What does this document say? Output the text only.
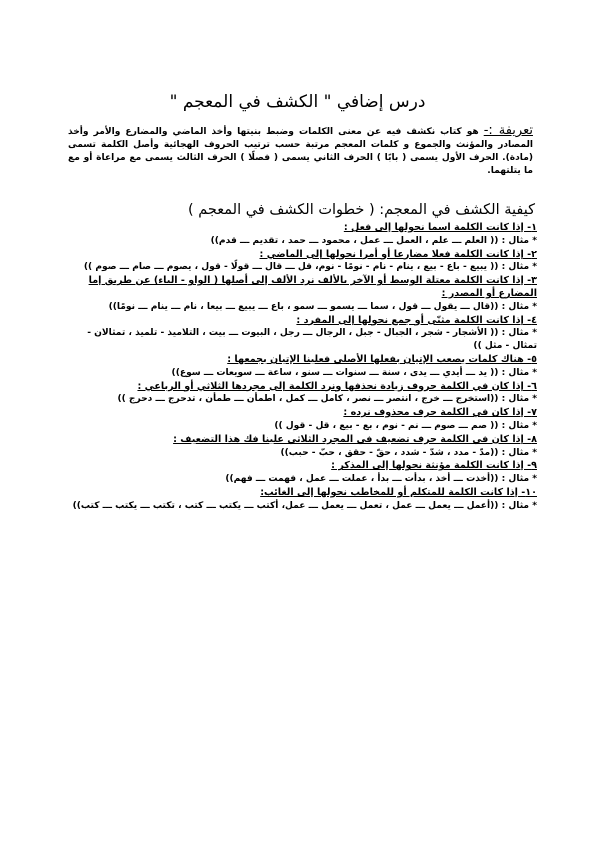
درس إضافي " الكشف في المعجم "
تعريفة :- هو كتاب نكشف فيه عن معنى الكلمات وضبط بنيتها وأخذ الماضي والمضارع والأمر وأخذ المصادر والمؤنث والجموع و كلمات المعجم مرتبة حسب ترتيب الحروف الهجائية وأصل الكلمة تسمى (مادة). الحرف الأول يسمى ( بابًا ) الحرف الثاني يسمى ( فصلًا ) الحرف الثالث يسمى مع مراعاة أو مع ما يتلتهما.
كيفية الكشف في المعجم: ( خطوات الكشف في المعجم )
١- إذا كانت الكلمة اسما نحولها إلى فعل :
* مثال : (( العلم ـــ علم ، العمل ـــ عمل ، محمود ـــ حمد ، تقديم ـــ قدم))
٢- إذا كانت الكلمة فعلا مضارعا أو أمرا نحولها إلى الماضي :
* مثال : (( يبيع - باع - بيع ، ينام - نام - نومًا - نوم، قل ـــ قال ـــ قولًا - قول ، يصوم ـــ صام ـــ صوم ))
٣- إذا كانت الكلمة معتلة الوسط أو الآخر بالألف نرد الألف إلى أصلها ( الواو - الياء) عن طريق إما المضارع أو المصدر :
* مثال : ((قال ـــ يقول ـــ قول ، سما ـــ يسمو ـــ سمو ، باع ـــ يبيع ـــ بيعا ، نام ـــ ينام ـــ نومًا))
٤- إذا كانت الكلمة مثنّى أو جمع نحولها إلى المفرد :
* مثال : (( الأشجار - شجر ، الجبال - جبل ، الرجال ـــ رجل ، البيوت ـــ بيت ، التلاميذ - تلميذ ، تمثالان - تمثال - مثل ))
٥- هناك كلمات يصعب الإتيان بفعلها الأصلي فعلينا الإتيان بجمعها :
* مثال : (( يد ـــ أيدي ـــ يدى ، سنة ـــ سنوات ـــ سنو ، ساعة ـــ سويعات ـــ سوع))
٦- إذا كان في الكلمة حروف زيادة نحذفها ونرد الكلمة إلى مجردها الثلاثي أو الرباعي :
* مثال : ((استخرج ـــ خرج ، انتصر ـــ نصر ، كامل ـــ كمل ، اطمأن ـــ طمأن ، تدحرج ـــ دحرج ))
٧- إذا كان في الكلمة حرف محذوف نرده :
* مثال : (( صم ـــ صوم ـــ نم - نوم ، بع - بيع ، قل - قول ))
٨- إذا كان في الكلمة حرف تضعيف في المجرد الثلاثي علينا فك هذا التضعيف :
* مثال : ((مدّ - مدد ، شدّ - شدد ، حقّ - حقق ، حبّ - حبب))
٩- إذا كانت الكلمة مؤنثة نحولها إلى المذكر :
* مثال : ((أخذت ـــ أخذ ، بدأت ـــ بدأ ، عملت ـــ عمل ، فهمت ـــ فهم))
١٠- إذا كانت الكلمة للمتكلم أو للمخاطب نحولها إلى الغائب:
* مثال : ((أعمل ـــ يعمل ـــ عمل ، تعمل ـــ يعمل ـــ عمل، أكتب ـــ يكتب ـــ كتب ، تكتب ـــ يكتب ـــ كتب))
